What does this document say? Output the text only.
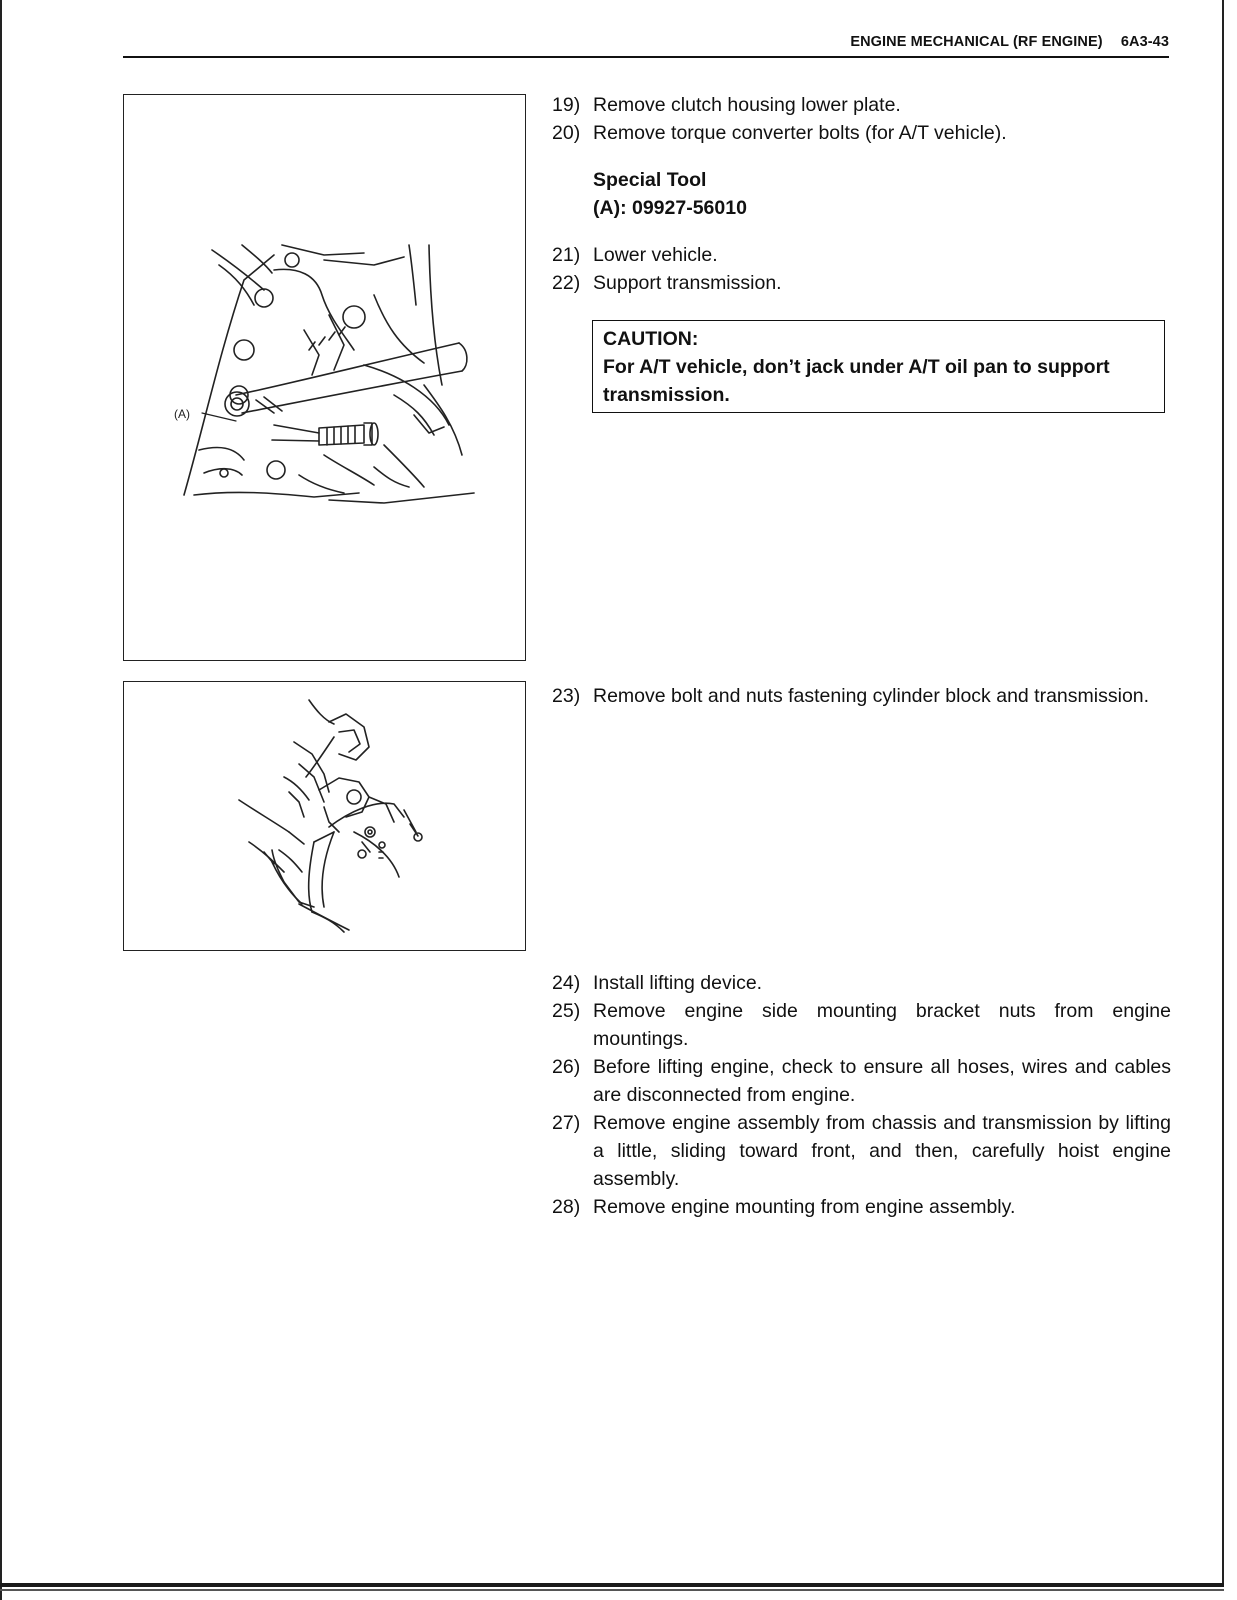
ENGINE MECHANICAL (RF ENGINE) 6A3-43
(A)
19) Remove clutch housing lower plate.
20) Remove torque converter bolts (for A/T vehicle).
Special Tool
(A): 09927-56010
21) Lower vehicle.
22) Support transmission.
CAUTION:
For A/T vehicle, don’t jack under A/T oil pan to support transmission.
23) Remove bolt and nuts fastening cylinder block and transmission.
24) Install lifting device.
25) Remove engine side mounting bracket nuts from engine mountings.
26) Before lifting engine, check to ensure all hoses, wires and cables are disconnected from engine.
27) Remove engine assembly from chassis and transmission by lifting a little, sliding toward front, and then, carefully hoist engine assembly.
28) Remove engine mounting from engine assembly.
